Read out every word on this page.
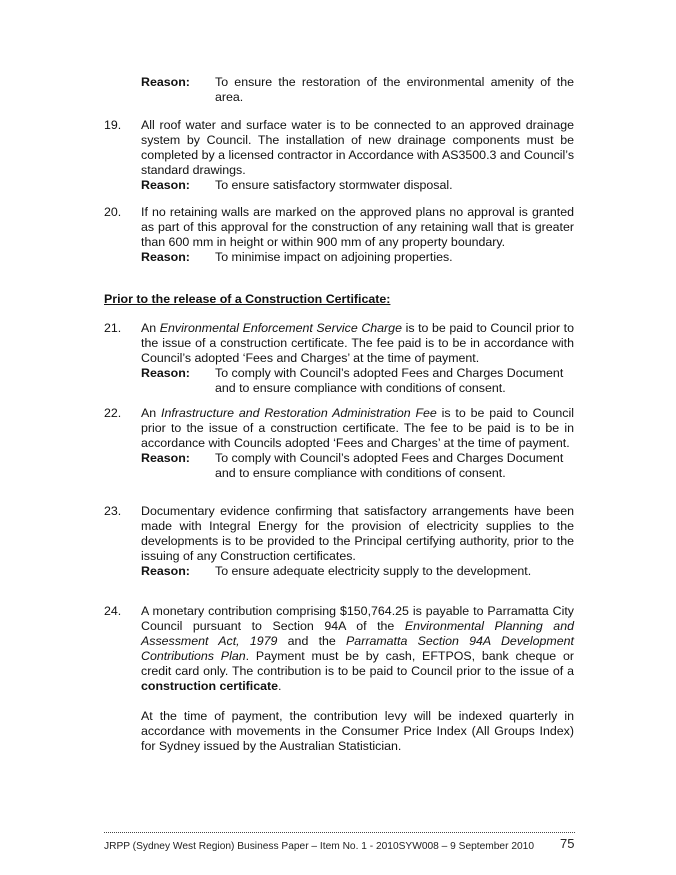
Reason:	To ensure the restoration of the environmental amenity of the area.
19.	All roof water and surface water is to be connected to an approved drainage system by Council. The installation of new drainage components must be completed by a licensed contractor in Accordance with AS3500.3 and Council’s standard drawings.
Reason:	To ensure satisfactory stormwater disposal.
20.	If no retaining walls are marked on the approved plans no approval is granted as part of this approval for the construction of any retaining wall that is greater than 600 mm in height or within 900 mm of any property boundary.
Reason:	To minimise impact on adjoining properties.
Prior to the release of a Construction Certificate:
21.	An Environmental Enforcement Service Charge is to be paid to Council prior to the issue of a construction certificate. The fee paid is to be in accordance with Council’s adopted ‘Fees and Charges’ at the time of payment.
Reason:	To comply with Council’s adopted Fees and Charges Document and to ensure compliance with conditions of consent.
22.	An Infrastructure and Restoration Administration Fee is to be paid to Council prior to the issue of a construction certificate. The fee to be paid is to be in accordance with Councils adopted ‘Fees and Charges’ at the time of payment.
Reason:	To comply with Council’s adopted Fees and Charges Document and to ensure compliance with conditions of consent.
23.	Documentary evidence confirming that satisfactory arrangements have been made with Integral Energy for the provision of electricity supplies to the developments is to be provided to the Principal certifying authority, prior to the issuing of any Construction certificates.
Reason:	To ensure adequate electricity supply to the development.
24.	A monetary contribution comprising $150,764.25 is payable to Parramatta City Council pursuant to Section 94A of the Environmental Planning and Assessment Act, 1979 and the Parramatta Section 94A Development Contributions Plan. Payment must be by cash, EFTPOS, bank cheque or credit card only. The contribution is to be paid to Council prior to the issue of a construction certificate.
At the time of payment, the contribution levy will be indexed quarterly in accordance with movements in the Consumer Price Index (All Groups Index) for Sydney issued by the Australian Statistician.
JRPP (Sydney West Region) Business Paper – Item No. 1 - 2010SYW008 – 9 September 2010 75
